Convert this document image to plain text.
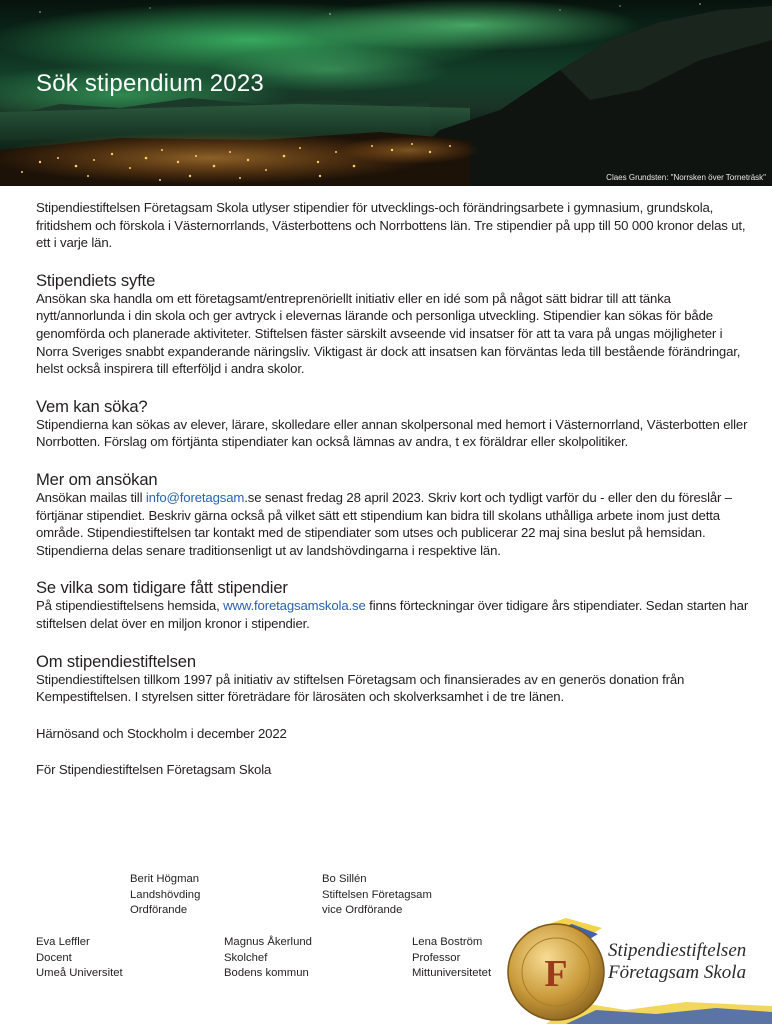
Sök stipendium 2023
Claes Grundsten: "Norrsken över Torneträsk"

Stipendiestiftelsen Företagsam Skola utlyser stipendier för utvecklings-och förändringsarbete i gymnasium, grundskola, fritidshem och förskola i Västernorrlands, Västerbottens och Norrbottens län. Tre stipendier på upp till 50 000 kronor delas ut, ett i varje län.

Stipendiets syfte

Ansökan ska handla om ett företagsamt/entreprenöriellt initiativ eller en idé som på något sätt bidrar till att tänka nytt/annorlunda i din skola och ger avtryck i elevernas lärande och personliga utveckling. Stipendier kan sökas för både genomförda och planerade aktiviteter. Stiftelsen fäster särskilt avseende vid insatser för att ta vara på ungas möjligheter i Norra Sveriges snabbt expanderande näringsliv. Viktigast är dock att insatsen kan förväntas leda till bestående förändringar, helst också inspirera till efterföljd i andra skolor.

Vem kan söka?

Stipendierna kan sökas av elever, lärare, skolledare eller annan skolpersonal med hemort i Västernorrland, Västerbotten eller Norrbotten. Förslag om förtjänta stipendiater kan också lämnas av andra, t ex föräldrar eller skolpolitiker.

Mer om ansökan

Ansökan mailas till info@foretagsam.se senast fredag 28 april 2023. Skriv kort och tydligt varför du - eller den du föreslår – förtjänar stipendiet. Beskriv gärna också på vilket sätt ett stipendium kan bidra till skolans uthålliga arbete inom just detta område. Stipendiestiftelsen tar kontakt med de stipendiater som utses och publicerar 22 maj sina beslut på hemsidan. Stipendierna delas senare traditionsenligt ut av landshövdingarna i respektive län.

Se vilka som tidigare fått stipendier

På stipendiestiftelsens hemsida, www.foretagsamskola.se finns förteckningar över tidigare års stipendiater. Sedan starten har stiftelsen delat över en miljon kronor i stipendier.

Om stipendiestiftelsen

Stipendiestiftelsen tillkom 1997 på initiativ av stiftelsen Företagsam och finansierades av en generös donation från Kempestiftelsen. I styrelsen sitter företrädare för lärosäten och skolverksamhet i de tre länen.

Härnösand och Stockholm i december 2022

För Stipendiestiftelsen Företagsam Skola

Berit Högman
Landshövding
Ordförande
Bo Sillén
Stiftelsen Företagsam
vice Ordförande
Eva Leffler
Docent
Umeå Universitet
Magnus Åkerlund
Skolchef
Bodens kommun
Lena Boström
Professor
Mittuniversitetet F
Stipendiestiftelsen
Företagsam Skola
